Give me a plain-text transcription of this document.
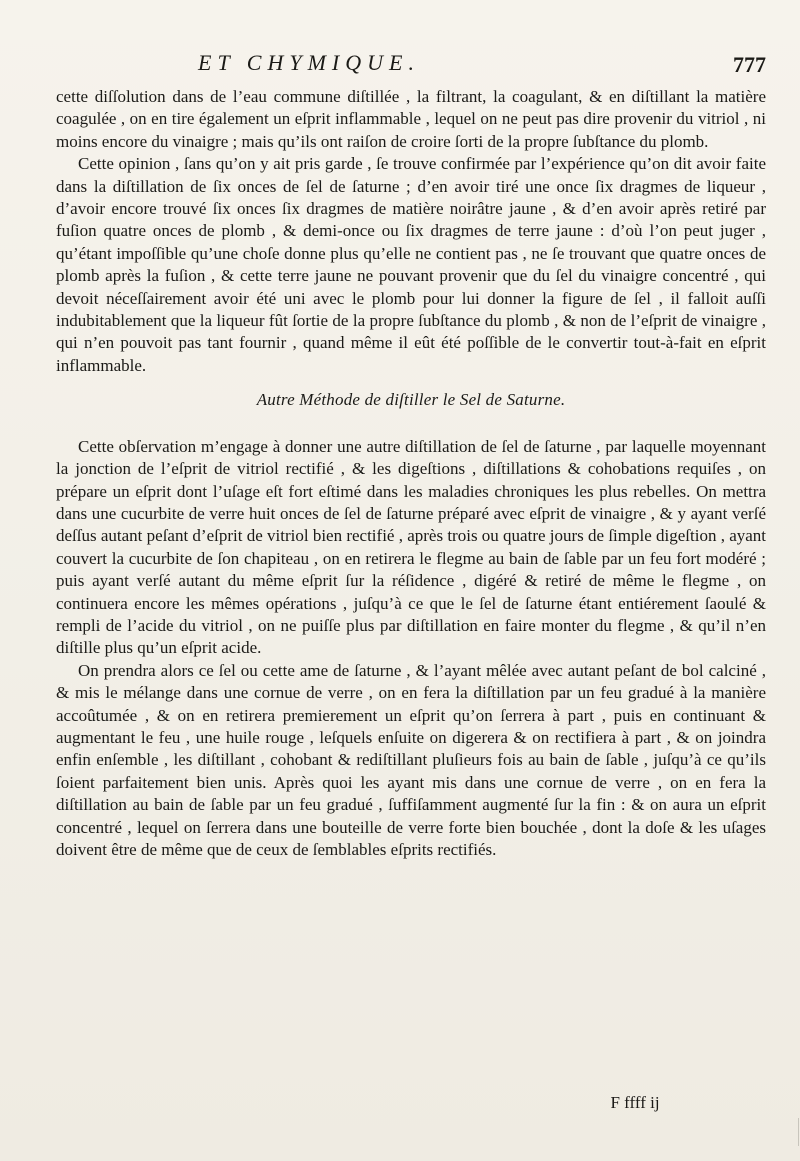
ET CHYMIQUE.	777

cette diſſolution dans de l’eau commune diſtillée , la filtrant, la coagulant, & en diſtillant la matière coagulée , on en tire également un eſprit inflammable , lequel on ne peut pas dire provenir du vitriol , ni moins encore du vinaigre ; mais qu’ils ont raiſon de croire ſorti de la propre ſubſtance du plomb.

Cette opinion , ſans qu’on y ait pris garde , ſe trouve confirmée par l’expérience qu’on dit avoir faite dans la diſtillation de ſix onces de ſel de ſaturne ; d’en avoir tiré une once ſix dragmes de liqueur , d’avoir encore trouvé ſix onces ſix dragmes de matière noirâtre jaune , & d’en avoir après retiré par fuſion quatre onces de plomb , & demi-once ou ſix dragmes de terre jaune : d’où l’on peut juger , qu’étant impoſſible qu’une choſe donne plus qu’elle ne contient pas , ne ſe trouvant que quatre onces de plomb après la fuſion , & cette terre jaune ne pouvant provenir que du ſel du vinaigre concentré , qui devoit néceſſairement avoir été uni avec le plomb pour lui donner la figure de ſel , il falloit auſſi indubitablement que la liqueur fût ſortie de la propre ſubſtance du plomb , & non de l’eſprit de vinaigre , qui n’en pouvoit pas tant fournir , quand même il eût été poſſible de le convertir tout-à-fait en eſprit inflammable.

Autre Méthode de diſtiller le Sel de Saturne.

Cette obſervation m’engage à donner une autre diſtillation de ſel de ſaturne , par laquelle moyennant la jonction de l’eſprit de vitriol rectifié , & les digeſtions , diſtillations & cohobations requiſes , on prépare un eſprit dont l’uſage eſt fort eſtimé dans les maladies chroniques les plus rebelles. On mettra dans une cucurbite de verre huit onces de ſel de ſaturne préparé avec eſprit de vinaigre , & y ayant verſé deſſus autant peſant d’eſprit de vitriol bien rectifié , après trois ou quatre jours de ſimple digeſtion , ayant couvert la cucurbite de ſon chapiteau , on en retirera le flegme au bain de ſable par un feu fort modéré ; puis ayant verſé autant du même eſprit ſur la réſidence , digéré & retiré de même le flegme , on continuera encore les mêmes opérations , juſqu’à ce que le ſel de ſaturne étant entiérement ſaoulé & rempli de l’acide du vitriol , on ne puiſſe plus par diſtillation en faire monter du flegme , & qu’il n’en diſtille plus qu’un eſprit acide.

On prendra alors ce ſel ou cette ame de ſaturne , & l’ayant mêlée avec autant peſant de bol calciné , & mis le mélange dans une cornue de verre , on en fera la diſtillation par un feu gradué à la manière accoûtumée , & on en retirera premierement un eſprit qu’on ſerrera à part , puis en continuant & augmentant le feu , une huile rouge , leſquels enſuite on digerera & on rectifiera à part , & on joindra enfin enſemble , les diſtillant , cohobant & rediſtillant pluſieurs fois au bain de ſable , juſqu’à ce qu’ils ſoient parfaitement bien unis. Après quoi les ayant mis dans une cornue de verre , on en fera la diſtillation au bain de ſable par un feu gradué , ſuffiſamment augmenté ſur la fin : & on aura un eſprit concentré , lequel on ſerrera dans une bouteille de verre forte bien bouchée , dont la doſe & les uſages doivent être de même que de ceux de ſemblables eſprits rectifiés.

F ffff ij
